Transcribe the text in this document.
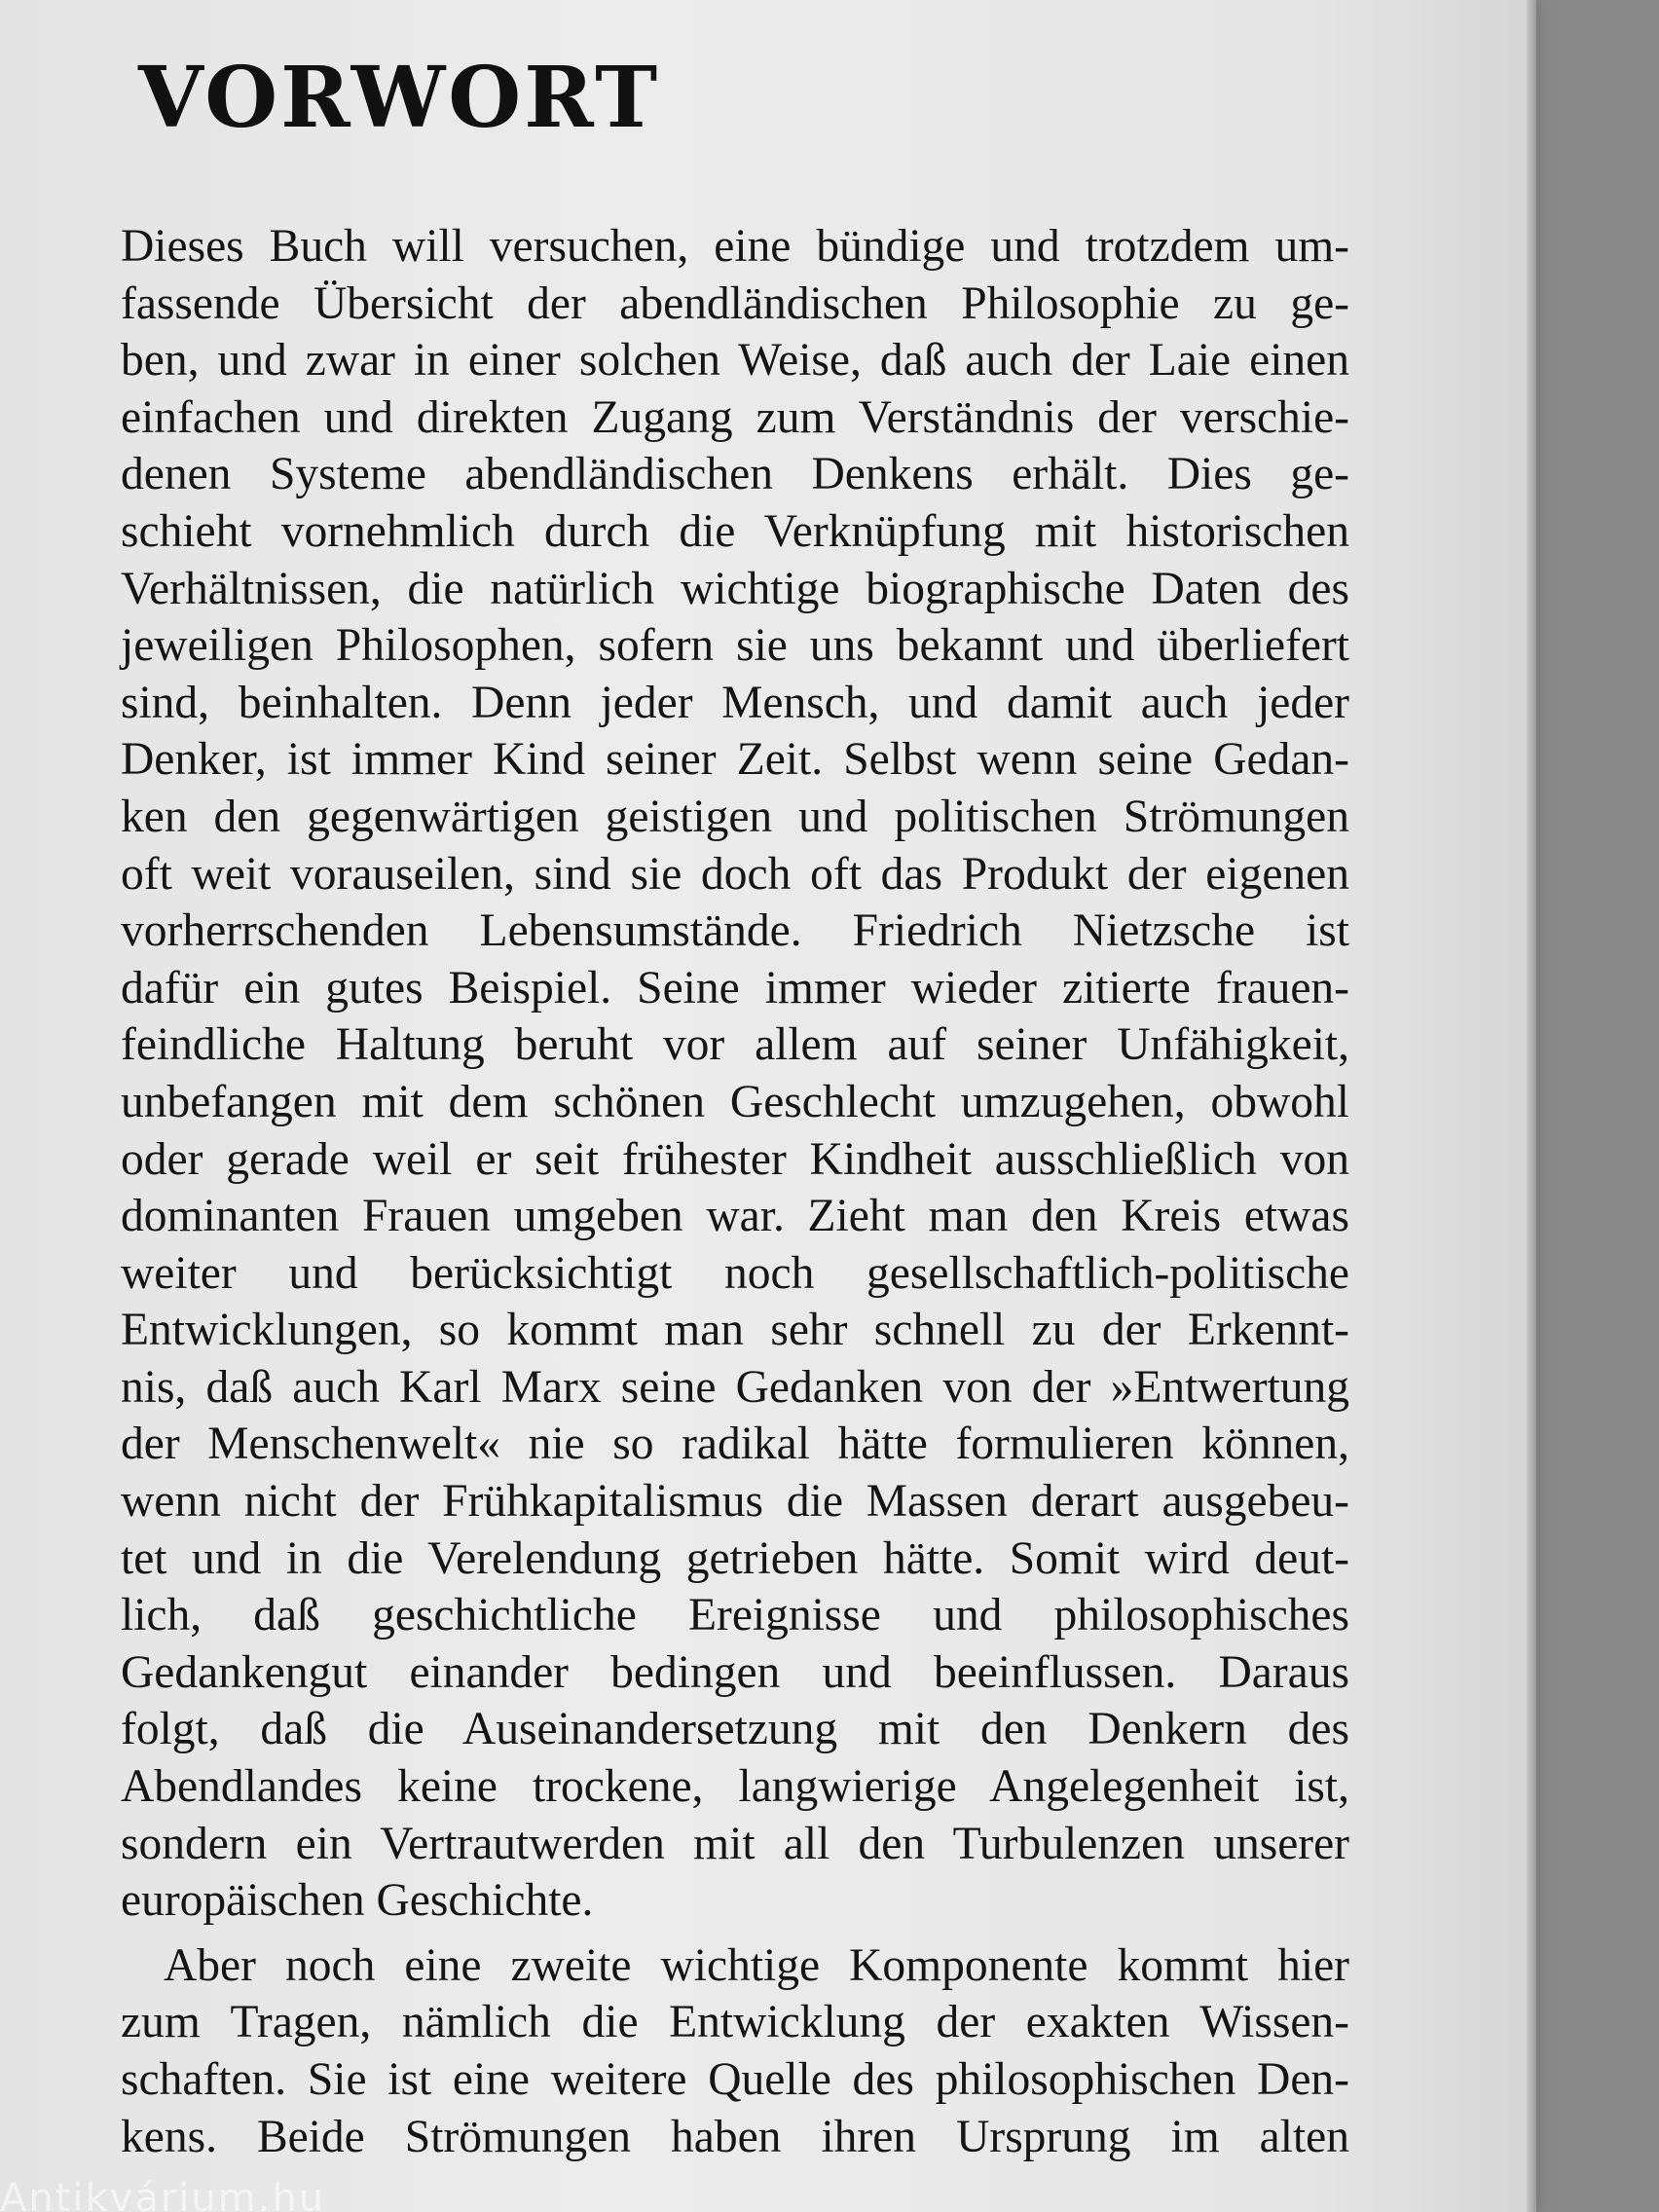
VORWORT
Dieses Buch will versuchen, eine bündige und trotzdem um-
fassende Übersicht der abendländischen Philosophie zu ge-
ben, und zwar in einer solchen Weise, daß auch der Laie einen
einfachen und direkten Zugang zum Verständnis der verschie-
denen Systeme abendländischen Denkens erhält. Dies ge-
schieht vornehmlich durch die Verknüpfung mit historischen
Verhältnissen, die natürlich wichtige biographische Daten des
jeweiligen Philosophen, sofern sie uns bekannt und überliefert
sind, beinhalten. Denn jeder Mensch, und damit auch jeder
Denker, ist immer Kind seiner Zeit. Selbst wenn seine Gedan-
ken den gegenwärtigen geistigen und politischen Strömungen
oft weit vorauseilen, sind sie doch oft das Produkt der eigenen
vorherrschenden Lebensumstände. Friedrich Nietzsche ist
dafür ein gutes Beispiel. Seine immer wieder zitierte frauen-
feindliche Haltung beruht vor allem auf seiner Unfähigkeit,
unbefangen mit dem schönen Geschlecht umzugehen, obwohl
oder gerade weil er seit frühester Kindheit ausschließlich von
dominanten Frauen umgeben war. Zieht man den Kreis etwas
weiter und berücksichtigt noch gesellschaftlich-politische
Entwicklungen, so kommt man sehr schnell zu der Erkennt-
nis, daß auch Karl Marx seine Gedanken von der »Entwertung
der Menschenwelt« nie so radikal hätte formulieren können,
wenn nicht der Frühkapitalismus die Massen derart ausgebeu-
tet und in die Verelendung getrieben hätte. Somit wird deut-
lich, daß geschichtliche Ereignisse und philosophisches
Gedankengut einander bedingen und beeinflussen. Daraus
folgt, daß die Auseinandersetzung mit den Denkern des
Abendlandes keine trockene, langwierige Angelegenheit ist,
sondern ein Vertrautwerden mit all den Turbulenzen unserer
europäischen Geschichte.
Aber noch eine zweite wichtige Komponente kommt hier
zum Tragen, nämlich die Entwicklung der exakten Wissen-
schaften. Sie ist eine weitere Quelle des philosophischen Den-
kens. Beide Strömungen haben ihren Ursprung im alten
Antikvárium.hu
